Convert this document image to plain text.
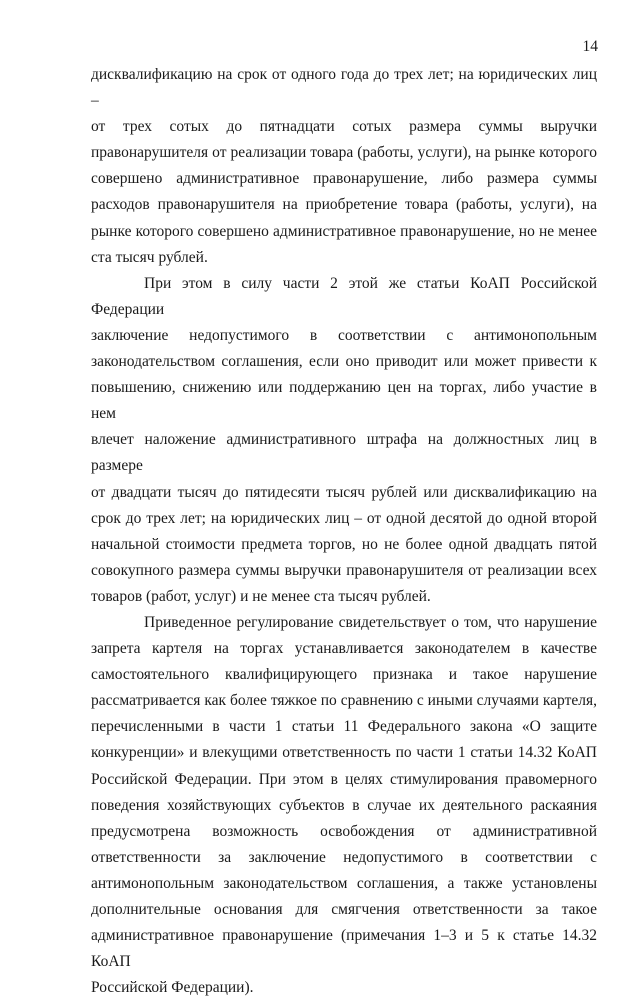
14

дисквалификацию на срок от одного года до трех лет; на юридических лиц –

от трех сотых до пятнадцати сотых размера суммы выручки

правонарушителя от реализации товара (работы, услуги), на рынке которого

совершено административное правонарушение, либо размера суммы

расходов правонарушителя на приобретение товара (работы, услуги), на

рынке которого совершено административное правонарушение, но не менее

ста тысяч рублей.

При этом в силу части 2 этой же статьи КоАП Российской Федерации

заключение недопустимого в соответствии с антимонопольным

законодательством соглашения, если оно приводит или может привести к

повышению, снижению или поддержанию цен на торгах, либо участие в нем

влечет наложение административного штрафа на должностных лиц в размере

от двадцати тысяч до пятидесяти тысяч рублей или дисквалификацию на

срок до трех лет; на юридических лиц – от одной десятой до одной второй

начальной стоимости предмета торгов, но не более одной двадцать пятой

совокупного размера суммы выручки правонарушителя от реализации всех

товаров (работ, услуг) и не менее ста тысяч рублей.

Приведенное регулирование свидетельствует о том, что нарушение

запрета картеля на торгах устанавливается законодателем в качестве

самостоятельного квалифицирующего признака и такое нарушение

рассматривается как более тяжкое по сравнению с иными случаями картеля,

перечисленными в части 1 статьи 11 Федерального закона «О защите

конкуренции» и влекущими ответственность по части 1 статьи 14.32 КоАП

Российской Федерации. При этом в целях стимулирования правомерного

поведения хозяйствующих субъектов в случае их деятельного раскаяния

предусмотрена возможность освобождения от административной

ответственности за заключение недопустимого в соответствии с

антимонопольным законодательством соглашения, а также установлены

дополнительные основания для смягчения ответственности за такое

административное правонарушение (примечания 1–3 и 5 к статье 14.32 КоАП

Российской Федерации).
